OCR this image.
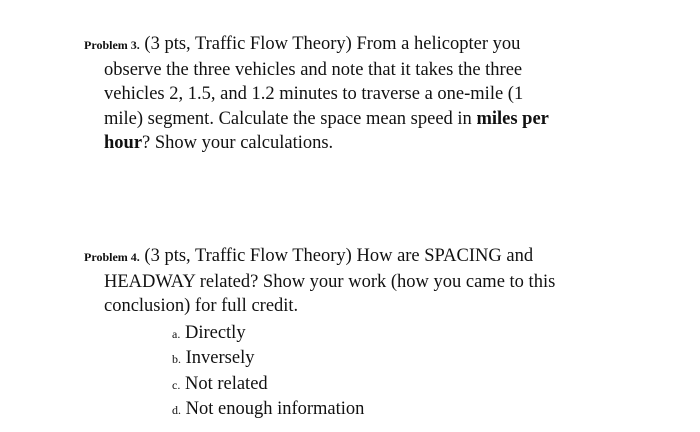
Problem 3. (3 pts, Traffic Flow Theory) From a helicopter you
observe the three vehicles and note that it takes the three
vehicles 2, 1.5, and 1.2 minutes to traverse a one-mile (1
mile) segment. Calculate the space mean speed in miles per
hour? Show your calculations.
Problem 4. (3 pts, Traffic Flow Theory) How are SPACING and
HEADWAY related? Show your work (how you came to this
conclusion) for full credit.
a. Directly
b. Inversely
c. Not related
d. Not enough information
